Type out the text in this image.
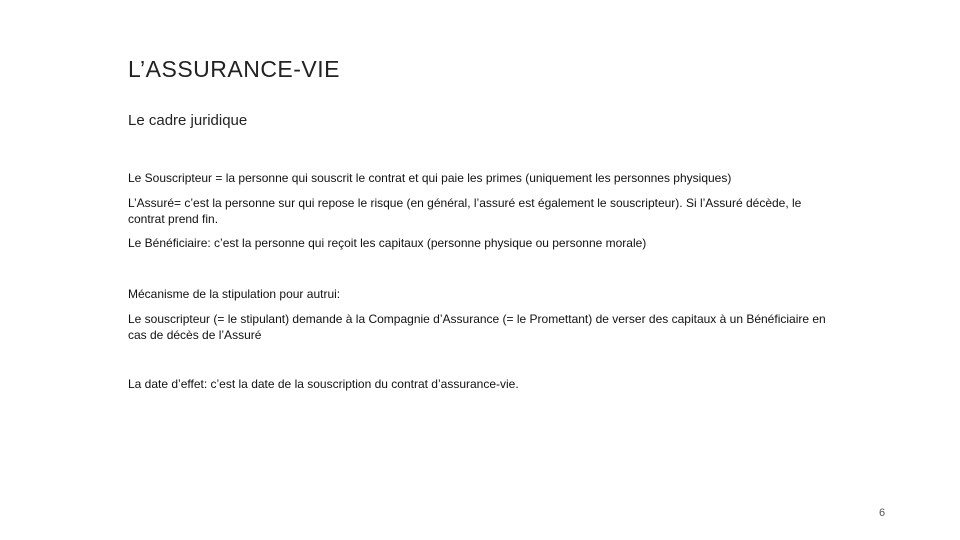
L’ASSURANCE-VIE

Le cadre juridique

Le Souscripteur = la personne qui souscrit le contrat et qui paie les primes (uniquement les personnes physiques)

L’Assuré= c’est la personne sur qui repose le risque (en général, l’assuré est également le souscripteur). Si l’Assuré décède, le contrat prend fin.

Le Bénéficiaire: c’est la personne qui reçoit les capitaux (personne physique ou personne morale)

Mécanisme de la stipulation pour autrui:

Le souscripteur (= le stipulant) demande à la Compagnie d’Assurance (= le Promettant) de verser des capitaux à un Bénéficiaire en cas de décès de l’Assuré

La date d’effet: c’est la date de la souscription du contrat d’assurance-vie.

6
